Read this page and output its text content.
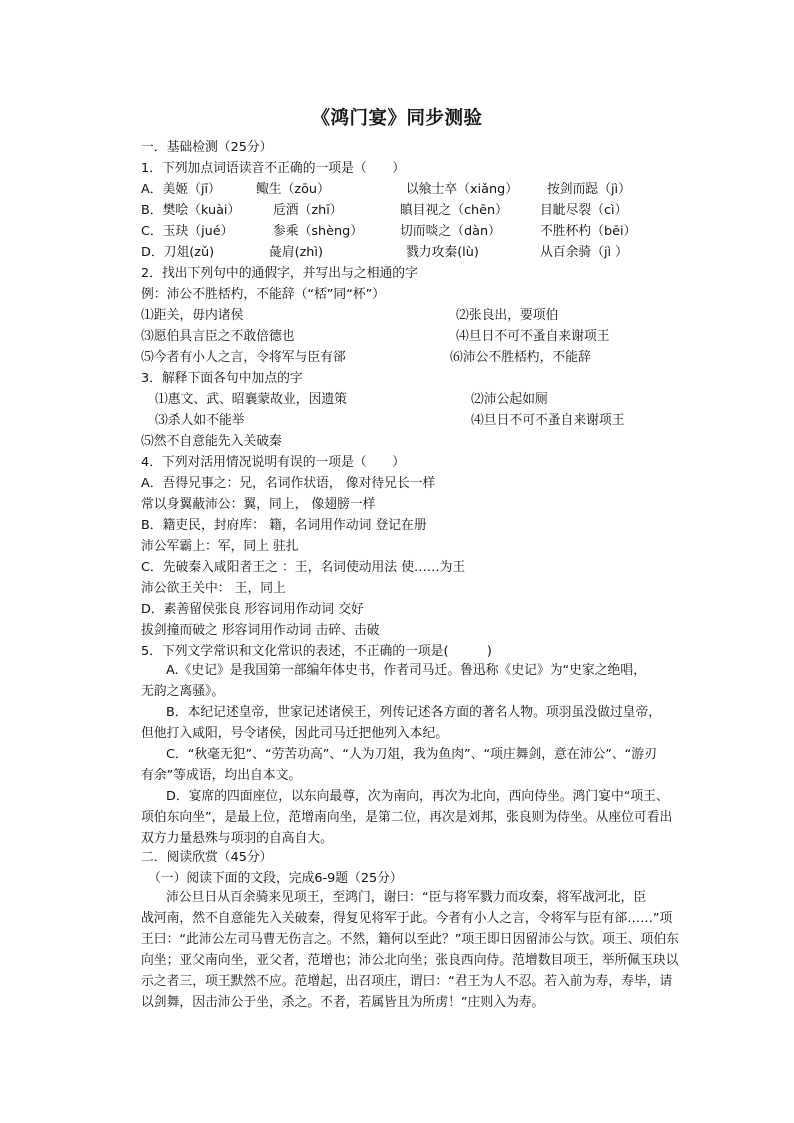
《鸿门宴》同步测验
一．基础检测（25分）
1．下列加点词语读音不正确的一项是（　　）
A．美姬（jī）	鲰生（zōu）	以飨士卒（xiǎng） 按剑而跽（jì）
B．樊哙（kuài）	卮酒（zhī）	瞋目视之（chēn）	目眦尽裂（cì）
C．玉玦（jué）	参乘（shèng）	切而啖之（dàn）	不胜杯杓（bēi）
D．刀俎(zǔ)	彘肩(zhì)	戮力攻秦(lù)	从百余骑（jì ）
2．找出下列句中的通假字，并写出与之相通的字
例：沛公不胜桮杓，不能辞（“桮”同“杯”）
⑴距关，毋内诸侯	⑵张良出，要项伯
⑶愿伯具言臣之不敢倍德也	⑷旦日不可不蚤自来谢项王
⑸今者有小人之言，令将军与臣有郤	⑹沛公不胜桮杓，不能辞
3．解释下面各句中加点的字
⑴惠文、武、昭襄蒙故业，因遗策	⑵沛公起如厕
⑶杀人如不能举	⑷旦日不可不蚤自来谢项王
⑸然不自意能先入关破秦
4．下列对活用情况说明有误的一项是（　　）
A．吾得兄事之：兄，名词作状语， 像对待兄长一样
常以身翼蔽沛公：翼，同上， 像翅膀一样
B．籍吏民，封府库： 籍，名词用作动词 登记在册
沛公军霸上：军，同上 驻扎
C．先破秦入咸阳者王之 ：王，名词使动用法 使……为王
沛公欲王关中： 王，同上
D．素善留侯张良 形容词用作动词 交好
拔剑撞而破之 形容词用作动词 击碎、击破
5．下列文学常识和文化常识的表述，不正确的一项是(　　　)
A.《史记》是我国第一部编年体史书，作者司马迁。鲁迅称《史记》为“史家之绝唱，
无韵之离骚》。
B．本纪记述皇帝，世家记述诸侯王，列传记述各方面的著名人物。项羽虽没做过皇帝，
但他打入咸阳，号令诸侯，因此司马迁把他列入本纪。
C．“秋毫无犯”、“劳苦功高”、“人为刀俎，我为鱼肉”、“项庄舞剑，意在沛公”、“游刃
有余”等成语，均出自本文。
D．宴席的四面座位，以东向最尊，次为南向，再次为北向，西向侍坐。鸿门宴中“项王、
项伯东向坐”，是最上位，范增南向坐，是第二位，再次是刘邦，张良则为侍坐。从座位可看出双方力量悬殊与项羽的自高自大。
二．阅读欣赏（45分）
（一）阅读下面的文段，完成6-9题（25分）
沛公旦日从百余骑来见项王，至鸿门，谢曰：“臣与将军戮力而攻秦，将军战河北，臣
战河南，然不自意能先入关破秦，得复见将军于此。今者有小人之言，令将军与臣有郤……”项王曰：“此沛公左司马曹无伤言之。不然，籍何以至此？”项王即日因留沛公与饮。项王、项伯东向坐；亚父南向坐，亚父者，范增也；沛公北向坐；张良西向侍。范增数目项王，举所佩玉玦以示之者三，项王默然不应。范增起，出召项庄，谓曰：“君王为人不忍。若入前为寿，寿毕，请以剑舞，因击沛公于坐，杀之。不者，若属皆且为所虏！”庄则入为寿。
